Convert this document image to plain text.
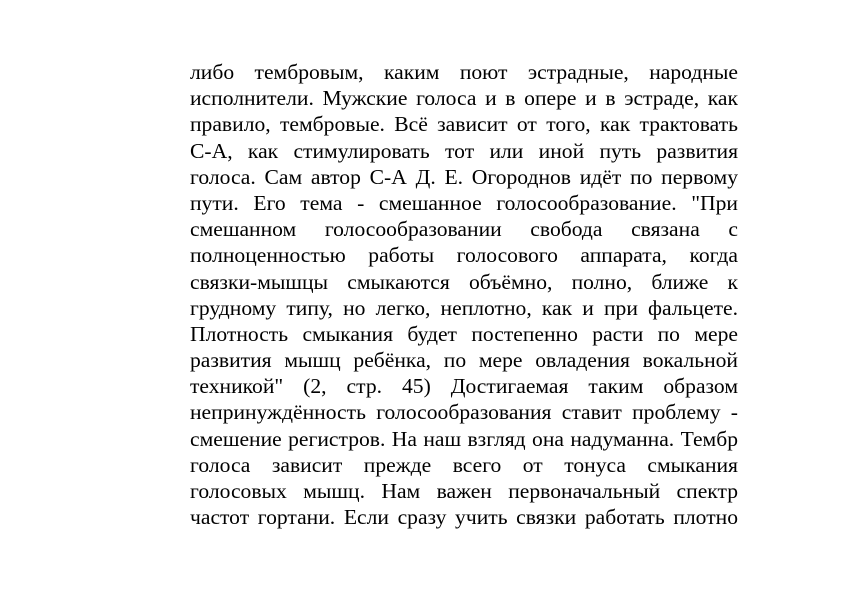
либо тембровым, каким поют эстрадные, народные
исполнители. Мужские голоса и в опере и в эстраде, как
правило, тембровые. Всё зависит от того, как трактовать
С-А, как стимулировать тот или иной путь развития
голоса. Сам автор С-А Д. Е. Огороднов идёт по первому
пути. Его тема - смешанное голосообразование. "При
смешанном голосообразовании свобода связана с
полноценностью работы голосового аппарата, когда
связки-мышцы смыкаются объёмно, полно, ближе к
грудному типу, но легко, неплотно, как и при фальцете.
Плотность смыкания будет постепенно расти по мере
развития мышц ребёнка, по мере овладения вокальной
техникой" (2, стр. 45) Достигаемая таким образом
непринуждённость голосообразования ставит проблему -
смешение регистров. На наш взгляд она надуманна. Тембр
голоса зависит прежде всего от тонуса смыкания
голосовых мышц. Нам важен первоначальный спектр
частот гортани. Если сразу учить связки работать плотно
